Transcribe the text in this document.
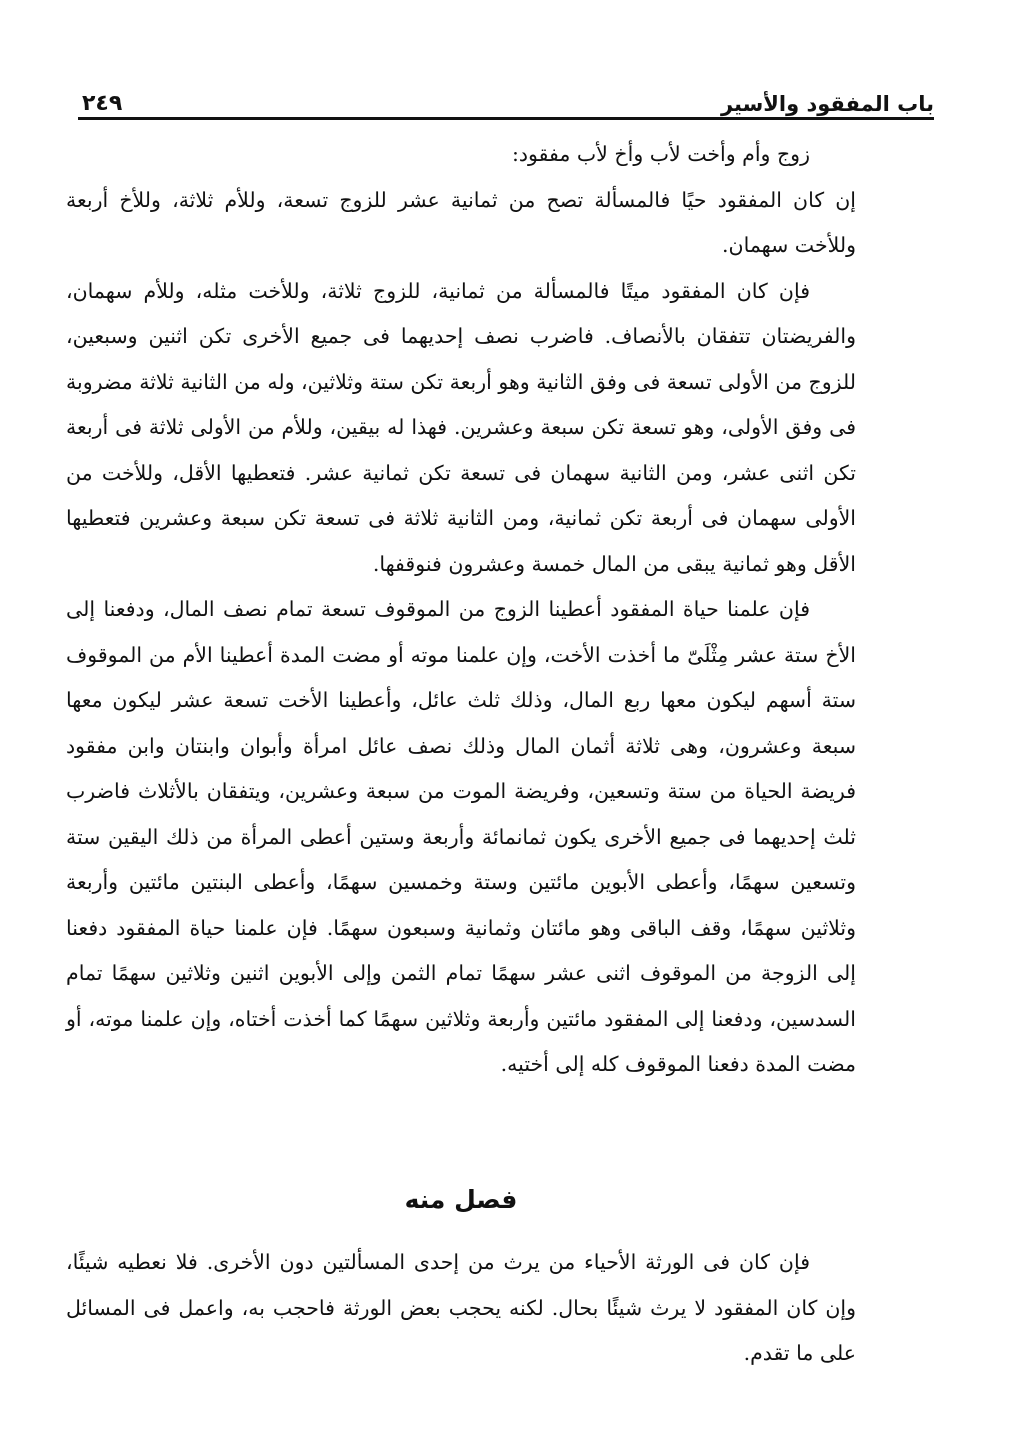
باب المفقود والأسير
٢٤٩

زوج وأم وأخت لأب وأخ لأب مفقود:

إن كان المفقود حيًا فالمسألة تصح من ثمانية عشر للزوج تسعة، وللأم ثلاثة، وللأخ أربعة وللأخت سهمان.

فإن كان المفقود ميتًا فالمسألة من ثمانية، للزوج ثلاثة، وللأخت مثله، وللأم سهمان، والفريضتان تتفقان بالأنصاف. فاضرب نصف إحديهما فى جميع الأخرى تكن اثنين وسبعين، للزوج من الأولى تسعة فى وفق الثانية وهو أربعة تكن ستة وثلاثين، وله من الثانية ثلاثة مضروبة فى وفق الأولى، وهو تسعة تكن سبعة وعشرين. فهذا له بيقين، وللأم من الأولى ثلاثة فى أربعة تكن اثنى عشر، ومن الثانية سهمان فى تسعة تكن ثمانية عشر. فتعطيها الأقل، وللأخت من الأولى سهمان فى أربعة تكن ثمانية، ومن الثانية ثلاثة فى تسعة تكن سبعة وعشرين فتعطيها الأقل وهو ثمانية يبقى من المال خمسة وعشرون فنوقفها.

فإن علمنا حياة المفقود أعطينا الزوج من الموقوف تسعة تمام نصف المال، ودفعنا إلى الأخ ستة عشر مِثْلَىّ ما أخذت الأخت، وإن علمنا موته أو مضت المدة أعطينا الأم من الموقوف ستة أسهم ليكون معها ربع المال، وذلك ثلث عائل، وأعطينا الأخت تسعة عشر ليكون معها سبعة وعشرون، وهى ثلاثة أثمان المال وذلك نصف عائل امرأة وأبوان وابنتان وابن مفقود فريضة الحياة من ستة وتسعين، وفريضة الموت من سبعة وعشرين، ويتفقان بالأثلاث فاضرب ثلث إحديهما فى جميع الأخرى يكون ثمانمائة وأربعة وستين أعطى المرأة من ذلك اليقين ستة وتسعين سهمًا، وأعطى الأبوين مائتين وستة وخمسين سهمًا، وأعطى البنتين مائتين وأربعة وثلاثين سهمًا، وقف الباقى وهو مائتان وثمانية وسبعون سهمًا. فإن علمنا حياة المفقود دفعنا إلى الزوجة من الموقوف اثنى عشر سهمًا تمام الثمن وإلى الأبوين اثنين وثلاثين سهمًا تمام السدسين، ودفعنا إلى المفقود مائتين وأربعة وثلاثين سهمًا كما أخذت أختاه، وإن علمنا موته، أو مضت المدة دفعنا الموقوف كله إلى أختيه.

فصل منه

فإن كان فى الورثة الأحياء من يرث من إحدى المسألتين دون الأخرى. فلا نعطيه شيئًا، وإن كان المفقود لا يرث شيئًا بحال. لكنه يحجب بعض الورثة فاحجب به، واعمل فى المسائل على ما تقدم.
